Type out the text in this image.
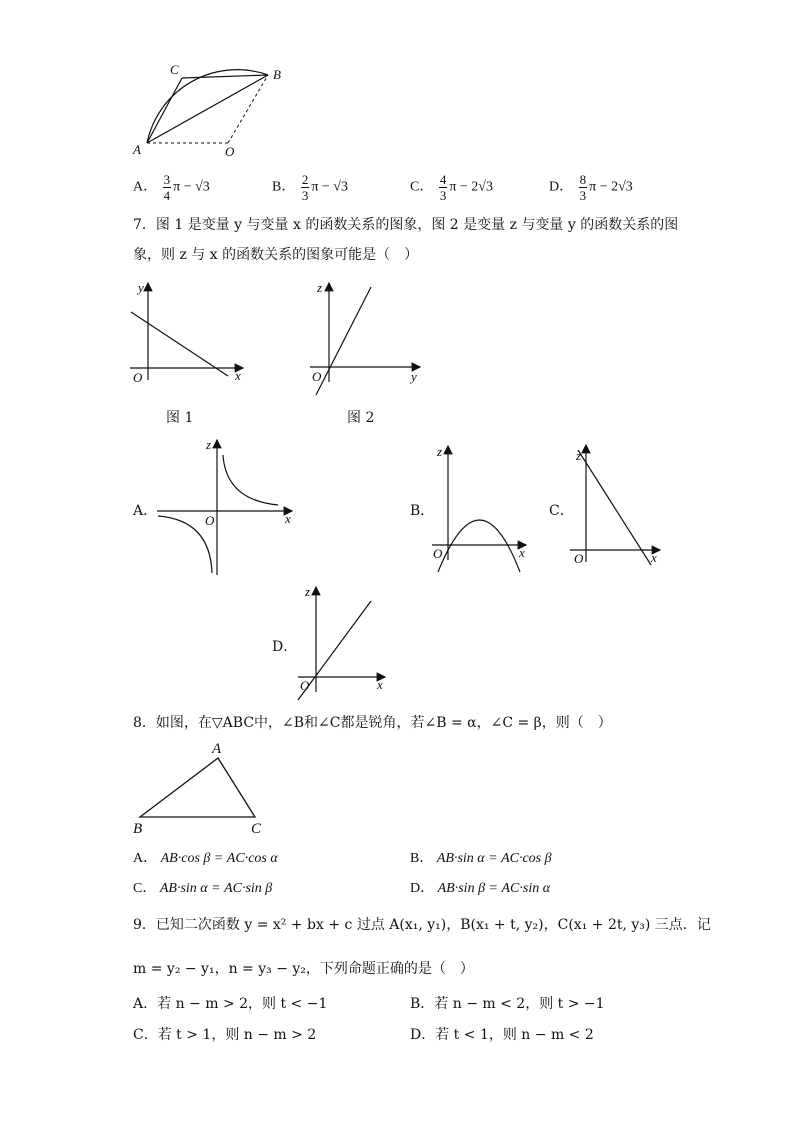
C	B
A	O
A． $\frac{3}{4}$ π − √3	B． $\frac{2}{3}$ π − √3	C． $\frac{4}{3}$ π − 2√3	D． $\frac{8}{3}$ π − 2√3
7．图 1 是变量 y 与变量 x 的函数关系的图象，图 2 是变量 z 与变量 y 的函数关系的图
象，则 z 与 x 的函数关系的图象可能是（　）
y
x
O
z
y
O
z
x
O
z
x
O
z
x
O
z
x
O
A
B	C
图 1	图 2
A．	B．	C．
D．
8．如图，在▽ABC中，∠B和∠C都是锐角，若∠B = α，∠C = β，则（　）
A． AB·cos β = AC·cos α	B． AB·sin α = AC·cos β
C． AB·sin α = AC·sin β	D． AB·sin β = AC·sin α
9．已知二次函数 y = x² + bx + c 过点 A(x₁, y₁)，B(x₁ + t, y₂)，C(x₁ + 2t, y₃) 三点．记
m = y₂ − y₁，n = y₃ − y₂，下列命题正确的是（　）
A．若 n − m > 2，则 t < −1	B．若 n − m < 2，则 t > −1
C．若 t > 1，则 n − m > 2	D．若 t < 1，则 n − m < 2
